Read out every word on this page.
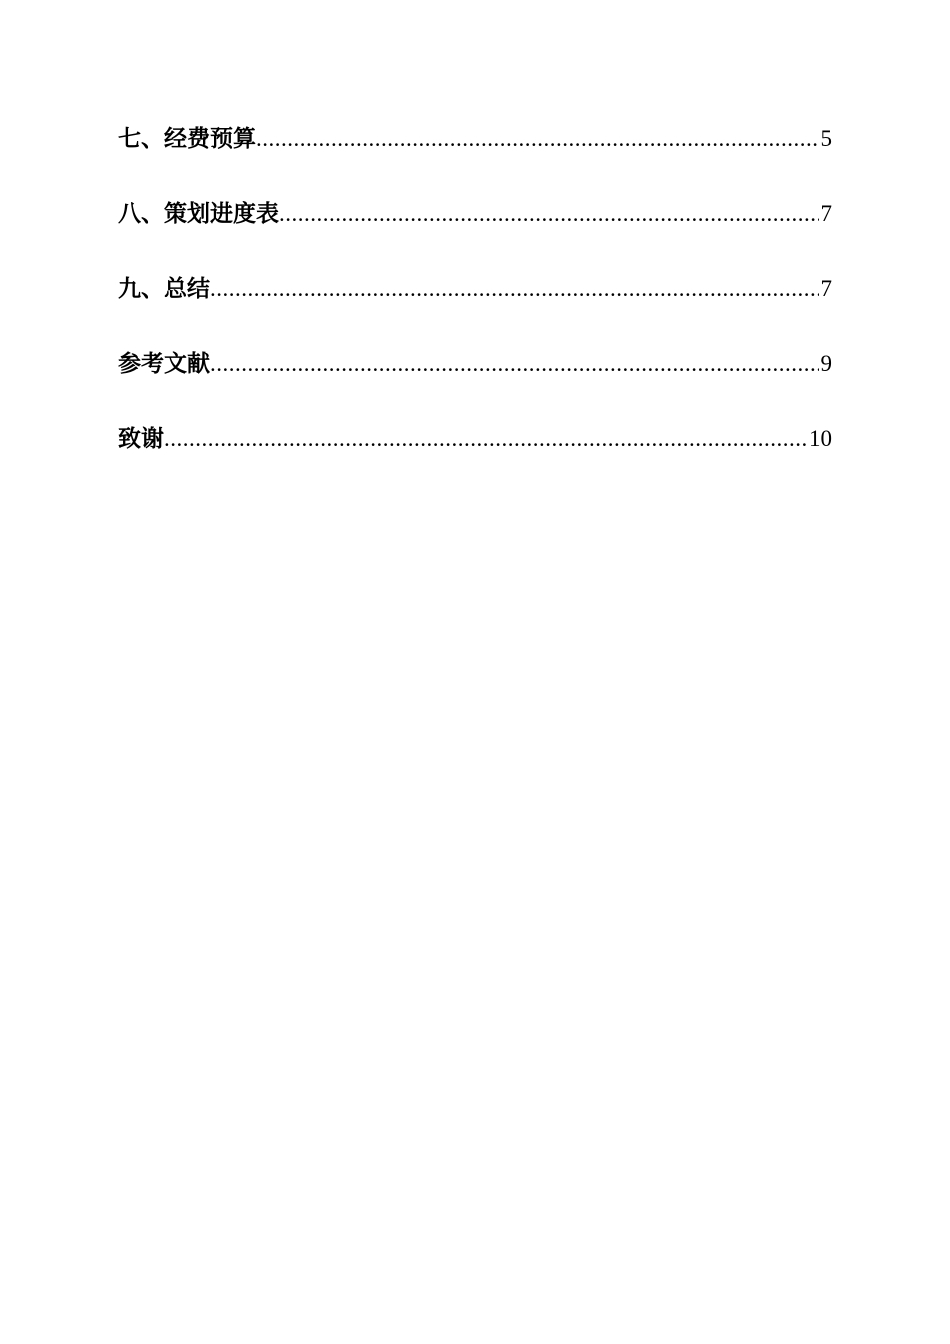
七、经费预算 .....	5
八、策划进度表 .....	7
九、总结 .....	7
参考文献 .....	9
致谢 .....	10
